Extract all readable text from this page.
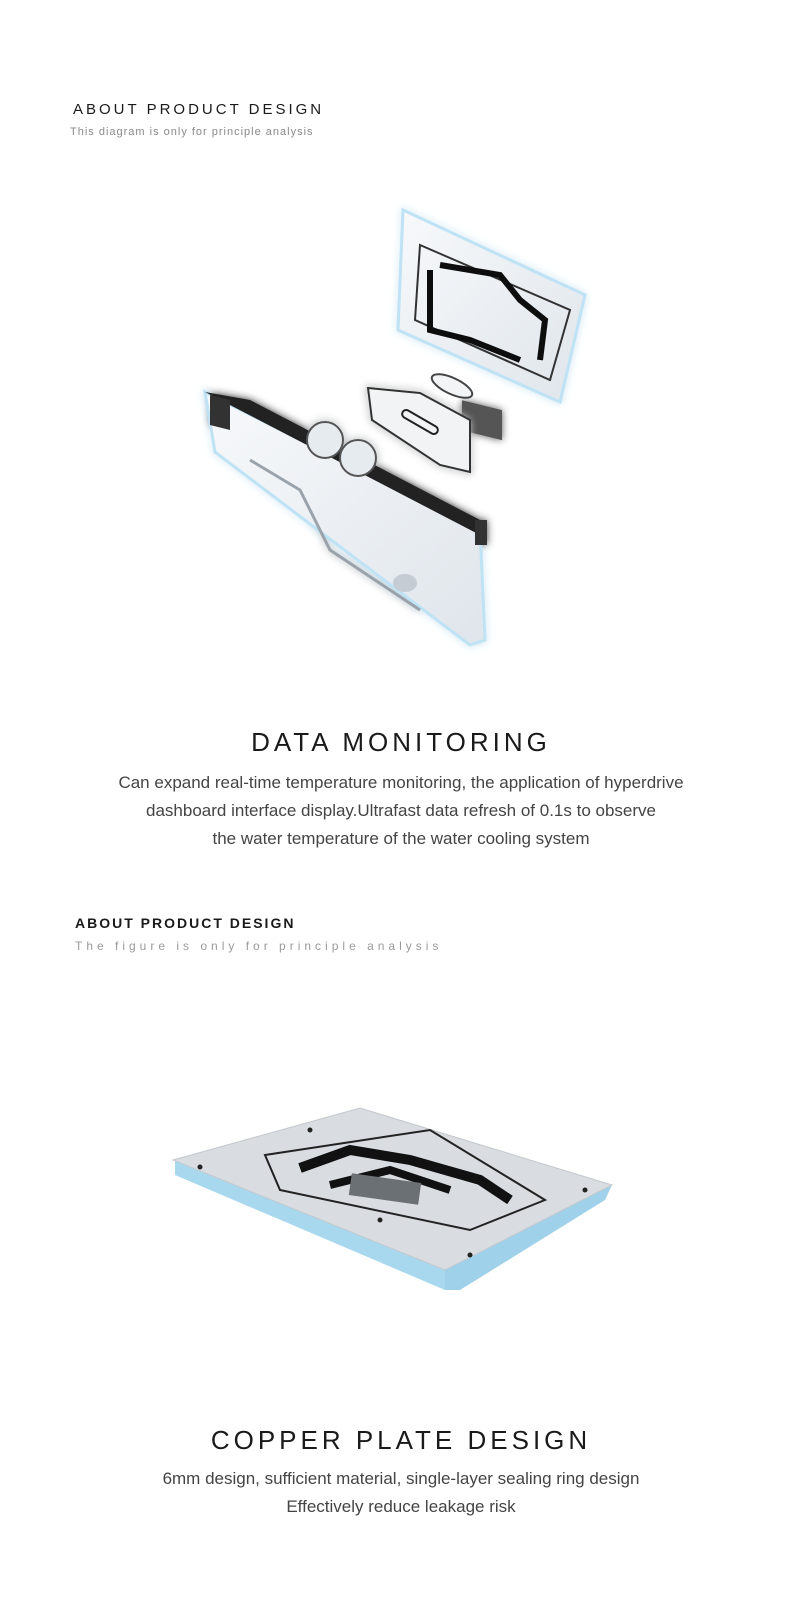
ABOUT PRODUCT DESIGN
This diagram is only for principle analysis
DATA MONITORING
Can expand real-time temperature monitoring, the application of hyperdrive
dashboard interface display.Ultrafast data refresh of 0.1s to observe
the water temperature of the water cooling system
ABOUT PRODUCT DESIGN
The figure is only for principle analysis
COPPER PLATE DESIGN
6mm design, sufficient material, single-layer sealing ring design
Effectively reduce leakage risk
